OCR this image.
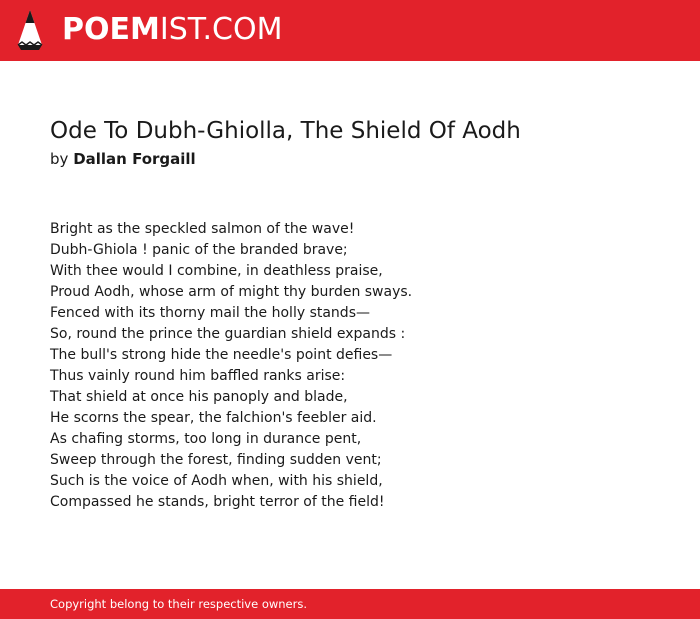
POEMIST.COM
Ode To Dubh-Ghiolla, The Shield Of Aodh
by Dallan Forgaill
Bright as the speckled salmon of the wave!
Dubh-Ghiola ! panic of the branded brave;
With thee would I combine, in deathless praise,
Proud Aodh, whose arm of might thy burden sways.
Fenced with its thorny mail the holly stands—
So, round the prince the guardian shield expands :
The bull's strong hide the needle's point defies—
Thus vainly round him baffled ranks arise:
That shield at once his panoply and blade,
He scorns the spear, the falchion's feebler aid.
As chafing storms, too long in durance pent,
Sweep through the forest, finding sudden vent;
Such is the voice of Aodh when, with his shield,
Compassed he stands, bright terror of the field!
Copyright belong to their respective owners.
